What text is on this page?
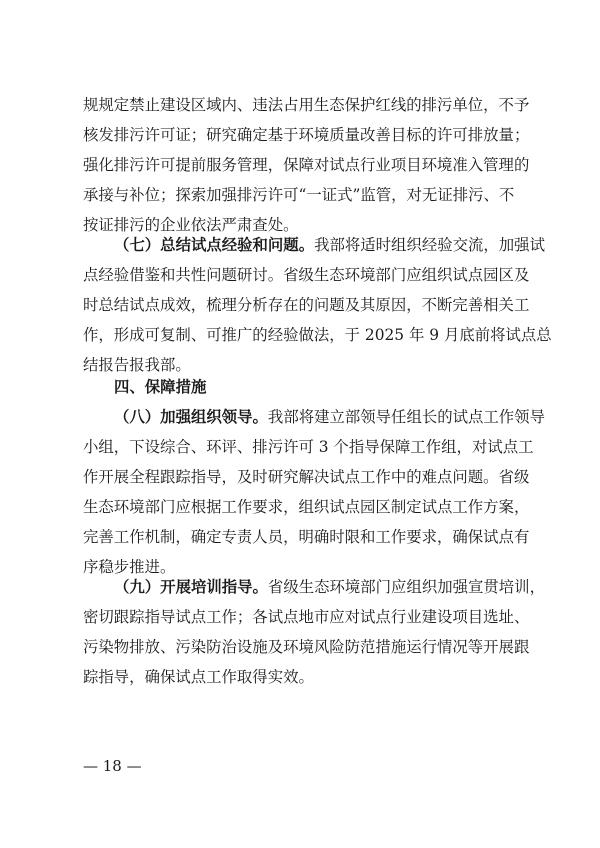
规规定禁止建设区域内、违法占用生态保护红线的排污单位，不予
核发排污许可证；研究确定基于环境质量改善目标的许可排放量；
强化排污许可提前服务管理，保障对试点行业项目环境准入管理的
承接与补位；探索加强排污许可“一证式”监管，对无证排污、不
按证排污的企业依法严肃查处。
（七）总结试点经验和问题。我部将适时组织经验交流，加强试
点经验借鉴和共性问题研讨。省级生态环境部门应组织试点园区及
时总结试点成效，梳理分析存在的问题及其原因，不断完善相关工
作，形成可复制、可推广的经验做法，于 2025 年 9 月底前将试点总
结报告报我部。
四、保障措施
（八）加强组织领导。我部将建立部领导任组长的试点工作领导
小组，下设综合、环评、排污许可 3 个指导保障工作组，对试点工
作开展全程跟踪指导，及时研究解决试点工作中的难点问题。省级
生态环境部门应根据工作要求，组织试点园区制定试点工作方案，
完善工作机制，确定专责人员，明确时限和工作要求，确保试点有
序稳步推进。
（九）开展培训指导。省级生态环境部门应组织加强宣贯培训，
密切跟踪指导试点工作；各试点地市应对试点行业建设项目选址、
污染物排放、污染防治设施及环境风险防范措施运行情况等开展跟
踪指导，确保试点工作取得实效。
— 18 —
